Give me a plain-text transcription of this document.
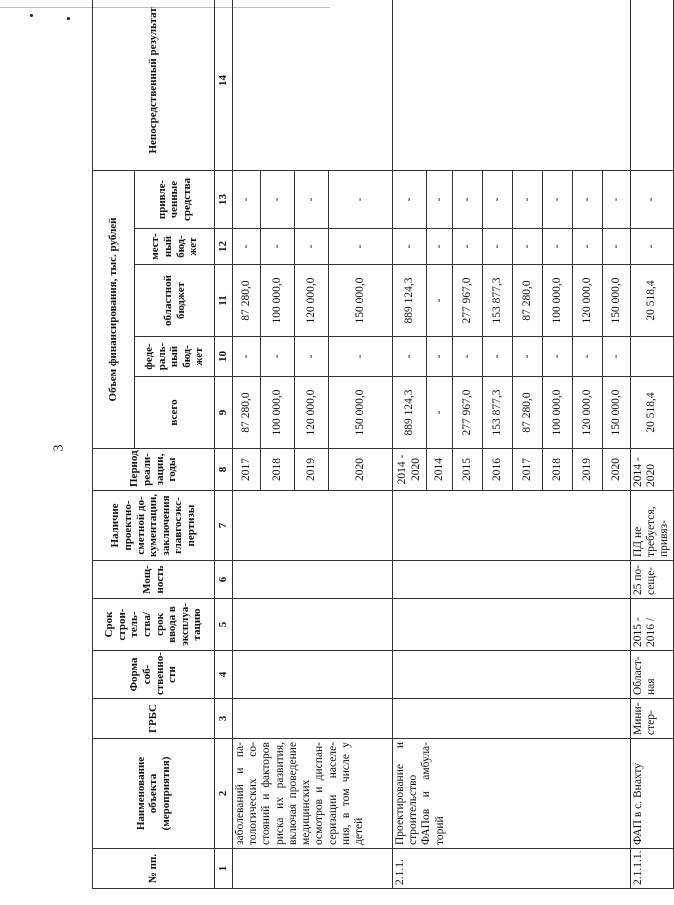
3
№ пп.	Наименование объекта (мероприятия)	ГРБС	Форма собственности	Срок строительства/срок ввода в эксплуатацию	Мощность	Наличие проектно-сметной документации, заключения главгосэкспертизы	Период реализации, годы	Объем финансирования, тыс. рублей					Непосредственный результат
								всего	федеральный бюджет	областной бюджет	местный бюджет	привлеченные средства	
1	2	3	4	5	6	7	8	9	10	11	12	13	14
	заболеваний и патологических состояний и факторов риска их развития, включая проведение медицинских осмотров и диспансеризации населения, в том числе у детей						2017	87 280,0	-	87 280,0	-	-	
							2018	100 000,0	-	100 000,0	-	-	
							2019	120 000,0	-	120 000,0	-	-	
							2020	150 000,0	-	150 000,0	-	-	
2.1.1.	Проектирование и строительство ФАПов и амбулаторий						2014 - 2020	889 124,3	-	889 124,3	-	-	
							2014	-	-	-	-	-	
							2015	277 967,0	-	277 967,0	-	-	
							2016	153 877,3	-	153 877,3	-	-	
							2017	87 280,0	-	87 280,0	-	-	
							2018	100 000,0	-	100 000,0	-	-	
							2019	120 000,0	-	120 000,0	-	-	
							2020	150 000,0	-	150 000,0	-	-	
2.1.1.1.	ФАП в с. Внахту	Министер-	Областная	2015 - 2016 /	25 посеще-	ПД не требуется, привяз-	2014 - 2020	20 518,4		20 518,4	-	-	
